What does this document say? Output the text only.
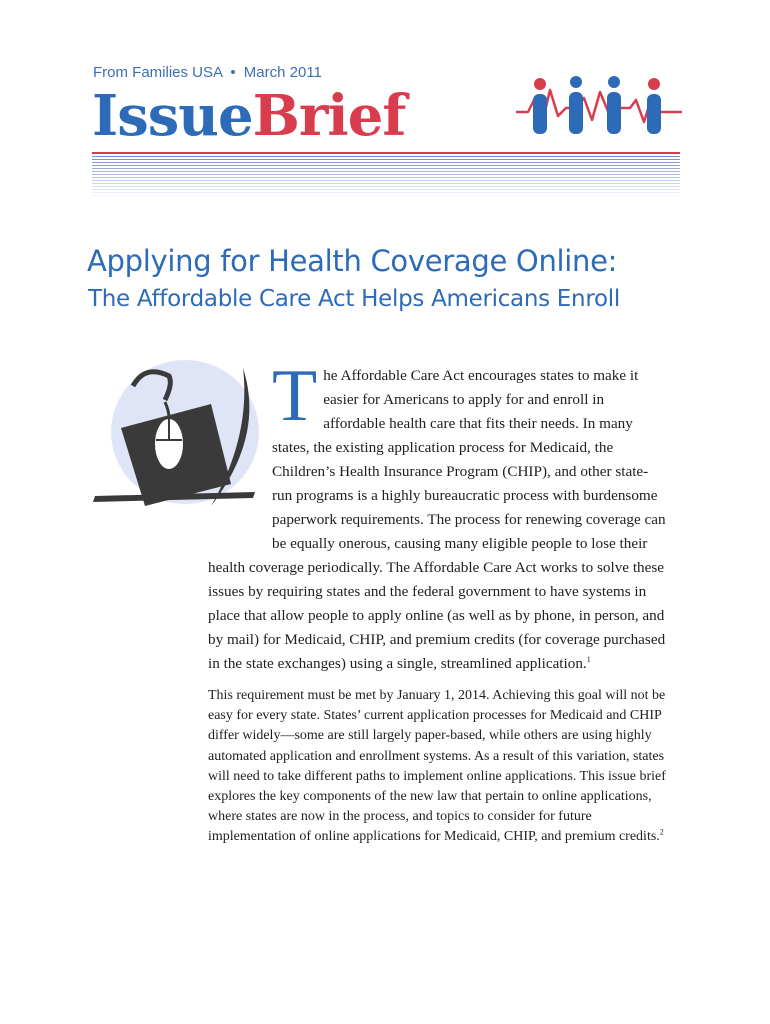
From Families USA • March 2011
IssueBrief
Applying for Health Coverage Online:
The Affordable Care Act Helps Americans Enroll

The Affordable Care Act encourages states to make it easier for Americans to apply for and enroll in affordable health care that fits their needs. In many states, the existing application process for Medicaid, the Children’s Health Insurance Program (CHIP), and other state-run programs is a highly bureaucratic process with burdensome paperwork requirements. The process for renewing coverage can be equally onerous, causing many eligible people to lose their health coverage periodically. The Affordable Care Act works to solve these issues by requiring states and the federal government to have systems in place that allow people to apply online (as well as by phone, in person, and by mail) for Medicaid, CHIP, and premium credits (for coverage purchased in the state exchanges) using a single, streamlined application.$^1$

This requirement must be met by January 1, 2014. Achieving this goal will not be easy for every state. States’ current application processes for Medicaid and CHIP differ widely—some are still largely paper-based, while others are using highly automated application and enrollment systems. As a result of this variation, states will need to take different paths to implement online applications. This issue brief explores the key components of the new law that pertain to online applications, where states are now in the process, and topics to consider for future implementation of online applications for Medicaid, CHIP, and premium credits.$^2$
